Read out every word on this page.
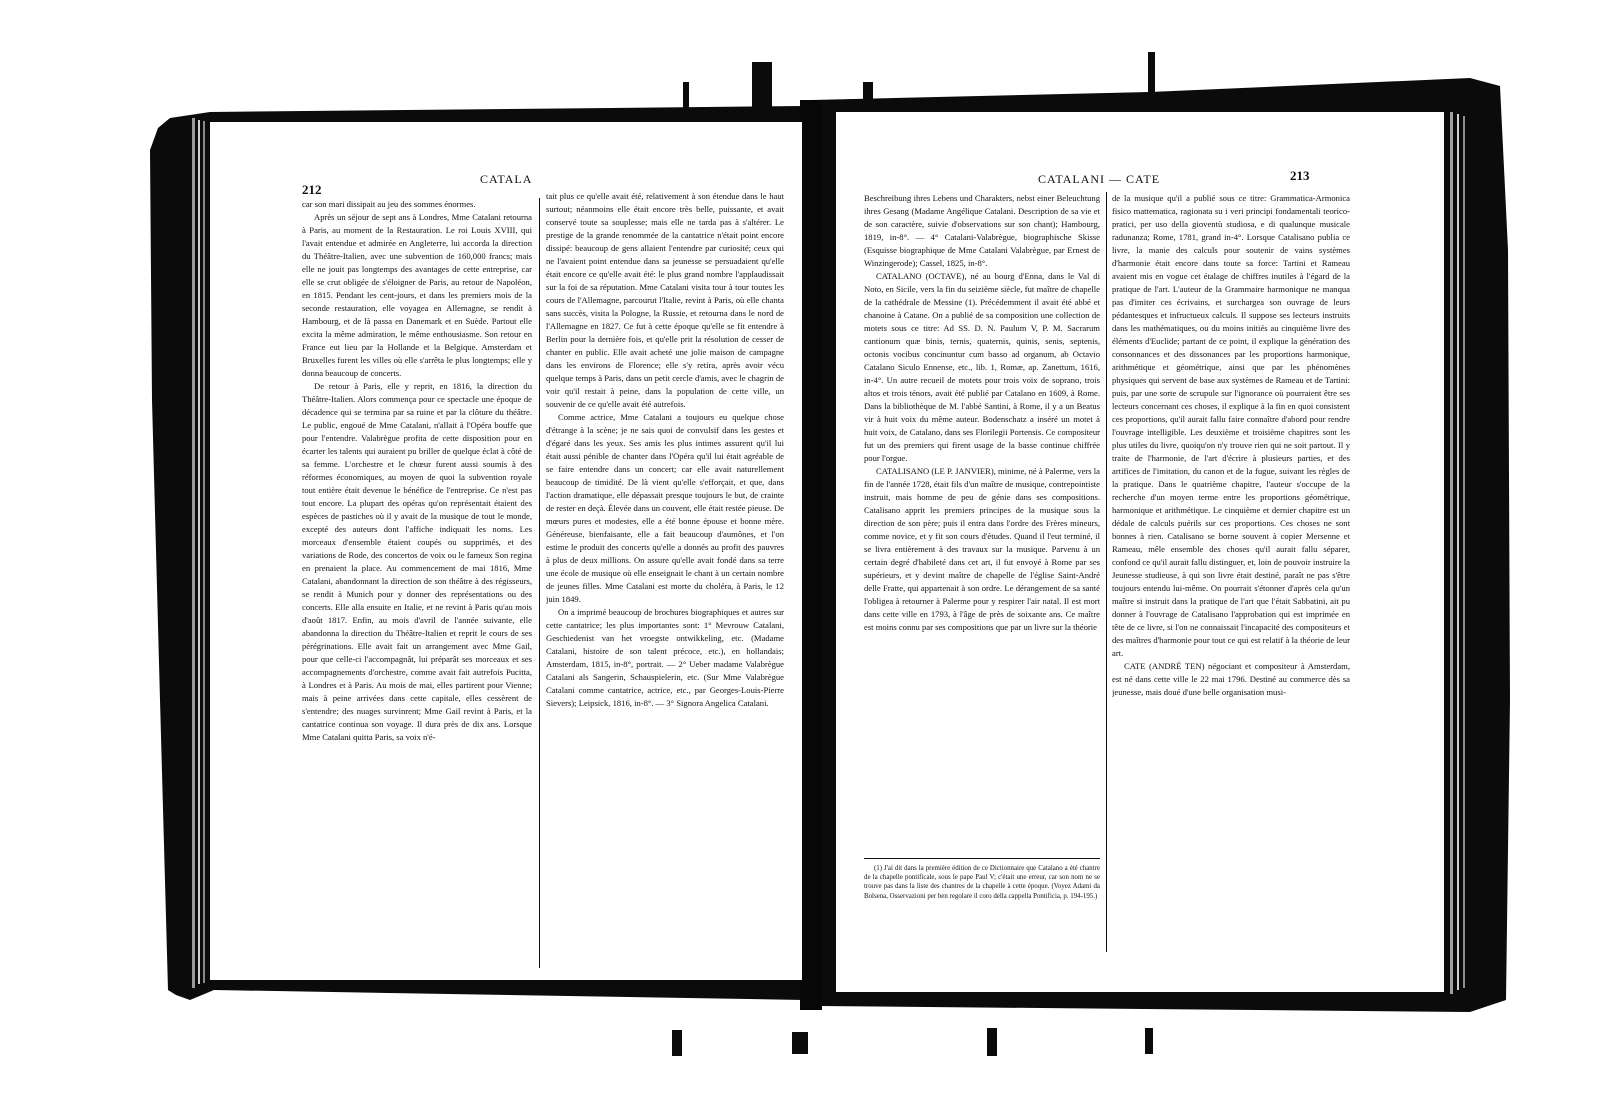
212
CATALA

car son mari dissipait au jeu des sommes énormes.

Après un séjour de sept ans à Londres, Mme Catalani retourna à Paris, au moment de la Restauration. Le roi Louis XVIII, qui l'avait entendue et admirée en Angleterre, lui accorda la direction du Théâtre-Italien, avec une subvention de 160,000 francs; mais elle ne jouit pas longtemps des avantages de cette entreprise, car elle se crut obligée de s'éloigner de Paris, au retour de Napoléon, en 1815. Pendant les cent-jours, et dans les premiers mois de la seconde restauration, elle voyagea en Allemagne, se rendit à Hambourg, et de là passa en Danemark et en Suède. Partout elle excita la même admiration, le même enthousiasme. Son retour en France eut lieu par la Hollande et la Belgique. Amsterdam et Bruxelles furent les villes où elle s'arrêta le plus longtemps; elle y donna beaucoup de concerts.

De retour à Paris, elle y reprit, en 1816, la direction du Théâtre-Italien. Alors commença pour ce spectacle une époque de décadence qui se termina par sa ruine et par la clôture du théâtre. Le public, engoué de Mme Catalani, n'allait à l'Opéra bouffe que pour l'entendre. Valabrègue profita de cette disposition pour en écarter les talents qui auraient pu briller de quelque éclat à côté de sa femme. L'orchestre et le chœur furent aussi soumis à des réformes économiques, au moyen de quoi la subvention royale tout entière était devenue le bénéfice de l'entreprise. Ce n'est pas tout encore. La plupart des opéras qu'on représentait étaient des espèces de pastiches où il y avait de la musique de tout le monde, excepté des auteurs dont l'affiche indiquait les noms. Les morceaux d'ensemble étaient coupés ou supprimés, et des variations de Rode, des concertos de voix ou le fameux Son regina en prenaient la place. Au commencement de mai 1816, Mme Catalani, abandonnant la direction de son théâtre à des régisseurs, se rendit à Munich pour y donner des représentations ou des concerts. Elle alla ensuite en Italie, et ne revint à Paris qu'au mois d'août 1817. Enfin, au mois d'avril de l'année suivante, elle abandonna la direction du Théâtre-Italien et reprit le cours de ses pérégrinations. Elle avait fait un arrangement avec Mme Gail, pour que celle-ci l'accompagnât, lui préparât ses morceaux et ses accompagnements d'orchestre, comme avait fait autrefois Pucitta, à Londres et à Paris. Au mois de mai, elles partirent pour Vienne; mais à peine arrivées dans cette capitale, elles cessèrent de s'entendre; des nuages survinrent; Mme Gail revint à Paris, et la cantatrice continua son voyage. Il dura près de dix ans. Lorsque Mme Catalani quitta Paris, sa voix n'é-

tait plus ce qu'elle avait été, relativement à son étendue dans le haut surtout; néanmoins elle était encore très belle, puissante, et avait conservé toute sa souplesse; mais elle ne tarda pas à s'altérer. Le prestige de la grande renommée de la cantatrice n'était point encore dissipé: beaucoup de gens allaient l'entendre par curiosité; ceux qui ne l'avaient point entendue dans sa jeunesse se persuadaient qu'elle était encore ce qu'elle avait été: le plus grand nombre l'applaudissait sur la foi de sa réputation. Mme Catalani visita tour à tour toutes les cours de l'Allemagne, parcourut l'Italie, revint à Paris, où elle chanta sans succès, visita la Pologne, la Russie, et retourna dans le nord de l'Allemagne en 1827. Ce fut à cette époque qu'elle se fit entendre à Berlin pour la dernière fois, et qu'elle prit la résolution de cesser de chanter en public. Elle avait acheté une jolie maison de campagne dans les environs de Florence; elle s'y retira, après avoir vécu quelque temps à Paris, dans un petit cercle d'amis, avec le chagrin de voir qu'il restait à peine, dans la population de cette ville, un souvenir de ce qu'elle avait été autrefois.

Comme actrice, Mme Catalani a toujours eu quelque chose d'étrange à la scène; je ne sais quoi de convulsif dans les gestes et d'égaré dans les yeux. Ses amis les plus intimes assurent qu'il lui était aussi pénible de chanter dans l'Opéra qu'il lui était agréable de se faire entendre dans un concert; car elle avait naturellement beaucoup de timidité. De là vient qu'elle s'efforçait, et que, dans l'action dramatique, elle dépassait presque toujours le but, de crainte de rester en deçà. Élevée dans un couvent, elle était restée pieuse. De mœurs pures et modestes, elle a été bonne épouse et bonne mère. Généreuse, bienfaisante, elle a fait beaucoup d'aumônes, et l'on estime le produit des concerts qu'elle a donnés au profit des pauvres à plus de deux millions. On assure qu'elle avait fondé dans sa terre une école de musique où elle enseignait le chant à un certain nombre de jeunes filles. Mme Catalani est morte du choléra, à Paris, le 12 juin 1849.

On a imprimé beaucoup de brochures biographiques et autres sur cette cantatrice; les plus importantes sont: 1° Mevrouw Catalani, Geschiedenist van het vroegste ontwikkeling, etc. (Madame Catalani, histoire de son talent précoce, etc.), en hollandais; Amsterdam, 1815, in-8°, portrait. — 2° Ueber madame Valabrègue Catalani als Sangerin, Schauspielerin, etc. (Sur Mme Valabrègue Catalani comme cantatrice, actrice, etc., par Georges-Louis-Pierre Sievers); Leipsick, 1816, in-8°. — 3° Signora Angelica Catalani.

CATALANI — CATE	213

Beschreibung ihres Lebens und Charakters, nebst einer Beleuchtung ihres Gesang (Madame Angélique Catalani. Description de sa vie et de son caractère, suivie d'observations sur son chant); Hambourg, 1819, in-8°. — 4° Catalani-Valabrègue, biographische Skisse (Esquisse biographique de Mme Catalani Valabrègue, par Ernest de Winzingerode); Cassel, 1825, in-8°.

CATALANO (OCTAVE), né au bourg d'Enna, dans le Val di Noto, en Sicile, vers la fin du seizième siècle, fut maître de chapelle de la cathédrale de Messine (1). Précédemment il avait été abbé et chanoine à Catane. On a publié de sa composition une collection de motets sous ce titre: Ad SS. D. N. Paulum V, P. M. Sacrarum cantionum quæ binis, ternis, quaternis, quinis, senis, septenis, octonis vocibus concinuntur cum basso ad organum, ab Octavio Catalano Siculo Ennense, etc., lib. 1, Romæ, ap. Zanettum, 1616, in-4°. Un autre recueil de motets pour trois voix de soprano, trois altos et trois ténors, avait été publié par Catalano en 1609, à Rome. Dans la bibliothèque de M. l'abbé Santini, à Rome, il y a un Beatus vir à huit voix du même auteur. Bodenschatz a inséré un motet à huit voix, de Catalano, dans ses Florilegii Portensis. Ce compositeur fut un des premiers qui firent usage de la basse continue chiffrée pour l'orgue.

CATALISANO (LE P. JANVIER), minime, né à Palerme, vers la fin de l'année 1728, était fils d'un maître de musique, contrepointiste instruit, mais homme de peu de génie dans ses compositions. Catalisano apprit les premiers principes de la musique sous la direction de son père; puis il entra dans l'ordre des Frères mineurs, comme novice, et y fit son cours d'études. Quand il l'eut terminé, il se livra entièrement à des travaux sur la musique. Parvenu à un certain degré d'habileté dans cet art, il fut envoyé à Rome par ses supérieurs, et y devint maître de chapelle de l'église Saint-André delle Fratte, qui appartenait à son ordre. Le dérangement de sa santé l'obligea à retourner à Palerme pour y respirer l'air natal. Il est mort dans cette ville en 1793, à l'âge de près de soixante ans. Ce maître est moins connu par ses compositions que par un livre sur la théorie

(1) J'ai dit dans la première édition de ce Dictionnaire que Catalano a été chantre de la chapelle pontificale, sous le pape Paul V; c'était une erreur, car son nom ne se trouve pas dans la liste des chantres de la chapelle à cette époque. (Voyez Adami da Bolsena, Osservazioni per ben regolare il coro della cappella Pontificia, p. 194-195.)

de la musique qu'il a publié sous ce titre: Grammatica-Armonica fisico mattematica, ragionata su i veri principi fondamentali teorico-pratici, per uso della gioventù studiosa, e di qualunque musicale radunanza; Rome, 1781, grand in-4°. Lorsque Catalisano publia ce livre, la manie des calculs pour soutenir de vains systèmes d'harmonie était encore dans toute sa force: Tartini et Rameau avaient mis en vogue cet étalage de chiffres inutiles à l'égard de la pratique de l'art. L'auteur de la Grammaire harmonique ne manqua pas d'imiter ces écrivains, et surchargea son ouvrage de leurs pédantesques et infructueux calculs. Il suppose ses lecteurs instruits dans les mathématiques, ou du moins initiés au cinquième livre des éléments d'Euclide; partant de ce point, il explique la génération des consonnances et des dissonances par les proportions harmonique, arithmétique et géométrique, ainsi que par les phénomènes physiques qui servent de base aux systèmes de Rameau et de Tartini: puis, par une sorte de scrupule sur l'ignorance où pourraient être ses lecteurs concernant ces choses, il explique à la fin en quoi consistent ces proportions, qu'il aurait fallu faire connaître d'abord pour rendre l'ouvrage intelligible. Les deuxième et troisième chapitres sont les plus utiles du livre, quoiqu'on n'y trouve rien qui ne soit partout. Il y traite de l'harmonie, de l'art d'écrire à plusieurs parties, et des artifices de l'imitation, du canon et de la fugue, suivant les règles de la pratique. Dans le quatrième chapitre, l'auteur s'occupe de la recherche d'un moyen terme entre les proportions géométrique, harmonique et arithmétique. Le cinquième et dernier chapitre est un dédale de calculs puérils sur ces proportions. Ces choses ne sont bonnes à rien. Catalisano se borne souvent à copier Mersenne et Rameau, mêle ensemble des choses qu'il aurait fallu séparer, confond ce qu'il aurait fallu distinguer, et, loin de pouvoir instruire la Jeunesse studieuse, à qui son livre était destiné, paraît ne pas s'être toujours entendu lui-même. On pourrait s'étonner d'après cela qu'un maître si instruit dans la pratique de l'art que l'était Sabbatini, ait pu donner à l'ouvrage de Catalisano l'approbation qui est imprimée en tête de ce livre, si l'on ne connaissait l'incapacité des compositeurs et des maîtres d'harmonie pour tout ce qui est relatif à la théorie de leur art.

CATE (ANDRÉ TEN) négociant et compositeur à Amsterdam, est né dans cette ville le 22 mai 1796. Destiné au commerce dès sa jeunesse, mais doué d'une belle organisation musi-
